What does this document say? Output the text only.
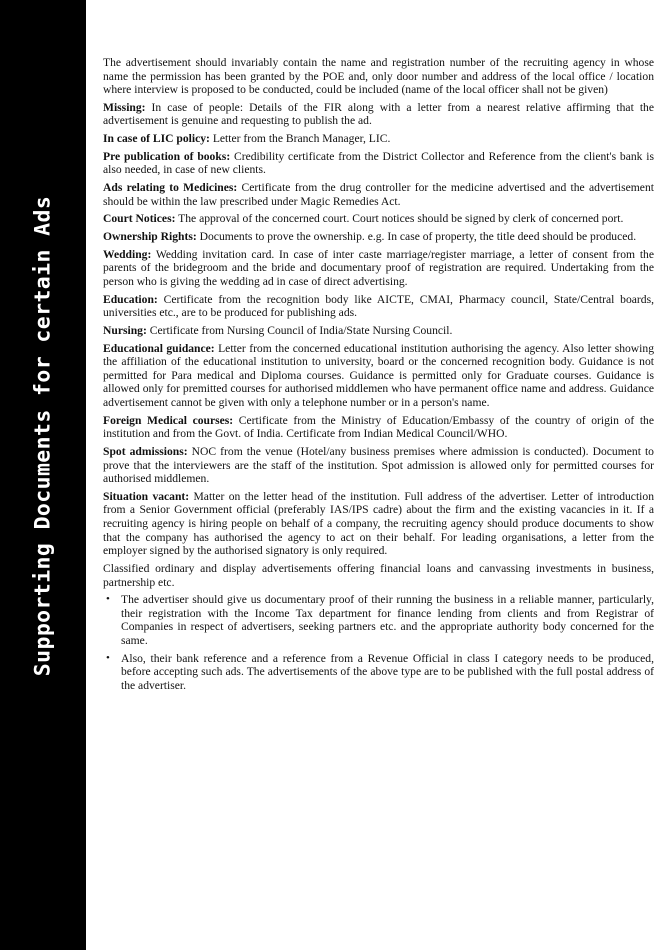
Supporting Documents for certain Ads

The advertisement should invariably contain the name and registration number of the recruiting agency in whose name the permission has been granted by the POE and, only door number and address of the local office / location where interview is proposed to be conducted, could be included (name of the local officer shall not be given)

Missing: In case of people: Details of the FIR along with a letter from a nearest relative affirming that the advertisement is genuine and requesting to publish the ad.

In case of LIC policy: Letter from the Branch Manager, LIC.

Pre publication of books: Credibility certificate from the District Collector and Reference from the client's bank is also needed, in case of new clients.

Ads relating to Medicines: Certificate from the drug controller for the medicine advertised and the advertisement should be within the law prescribed under Magic Remedies Act.

Court Notices: The approval of the concerned court. Court notices should be signed by clerk of concerned port.

Ownership Rights: Documents to prove the ownership. e.g. In case of property, the title deed should be produced.

Wedding: Wedding invitation card. In case of inter caste marriage/register marriage, a letter of consent from the parents of the bridegroom and the bride and documentary proof of registration are required. Undertaking from the person who is giving the wedding ad in case of direct advertising.

Education: Certificate from the recognition body like AICTE, CMAI, Pharmacy council, State/Central boards, universities etc., are to be produced for publishing ads.

Nursing: Certificate from Nursing Council of India/State Nursing Council.

Educational guidance: Letter from the concerned educational institution authorising the agency. Also letter showing the affiliation of the educational institution to university, board or the concerned recognition body. Guidance is not permitted for Para medical and Diploma courses. Guidance is permitted only for Graduate courses. Guidance is allowed only for premitted courses for authorised middlemen who have permanent office name and address. Guidance advertisement cannot be given with only a telephone number or in a person's name.

Foreign Medical courses: Certificate from the Ministry of Education/Embassy of the country of origin of the institution and from the Govt. of India. Certificate from Indian Medical Council/WHO.

Spot admissions: NOC from the venue (Hotel/any business premises where admission is conducted). Document to prove that the interviewers are the staff of the institution. Spot admission is allowed only for permitted courses for authorised middlemen.

Situation vacant: Matter on the letter head of the institution. Full address of the advertiser. Letter of introduction from a Senior Government official (preferably IAS/IPS cadre) about the firm and the existing vacancies in it. If a recruiting agency is hiring people on behalf of a company, the recruiting agency should produce documents to show that the company has authorised the agency to act on their behalf. For leading organisations, a letter from the employer signed by the authorised signatory is only required.

Classified ordinary and display advertisements offering financial loans and canvassing investments in business, partnership etc.

• The advertiser should give us documentary proof of their running the business in a reliable manner, particularly, their registration with the Income Tax department for finance lending from clients and from Registrar of Companies in respect of advertisers, seeking partners etc. and the appropriate authority body concerned for the same.
• Also, their bank reference and a reference from a Revenue Official in class I category needs to be produced, before accepting such ads. The advertisements of the above type are to be published with the full postal address of the advertiser.
